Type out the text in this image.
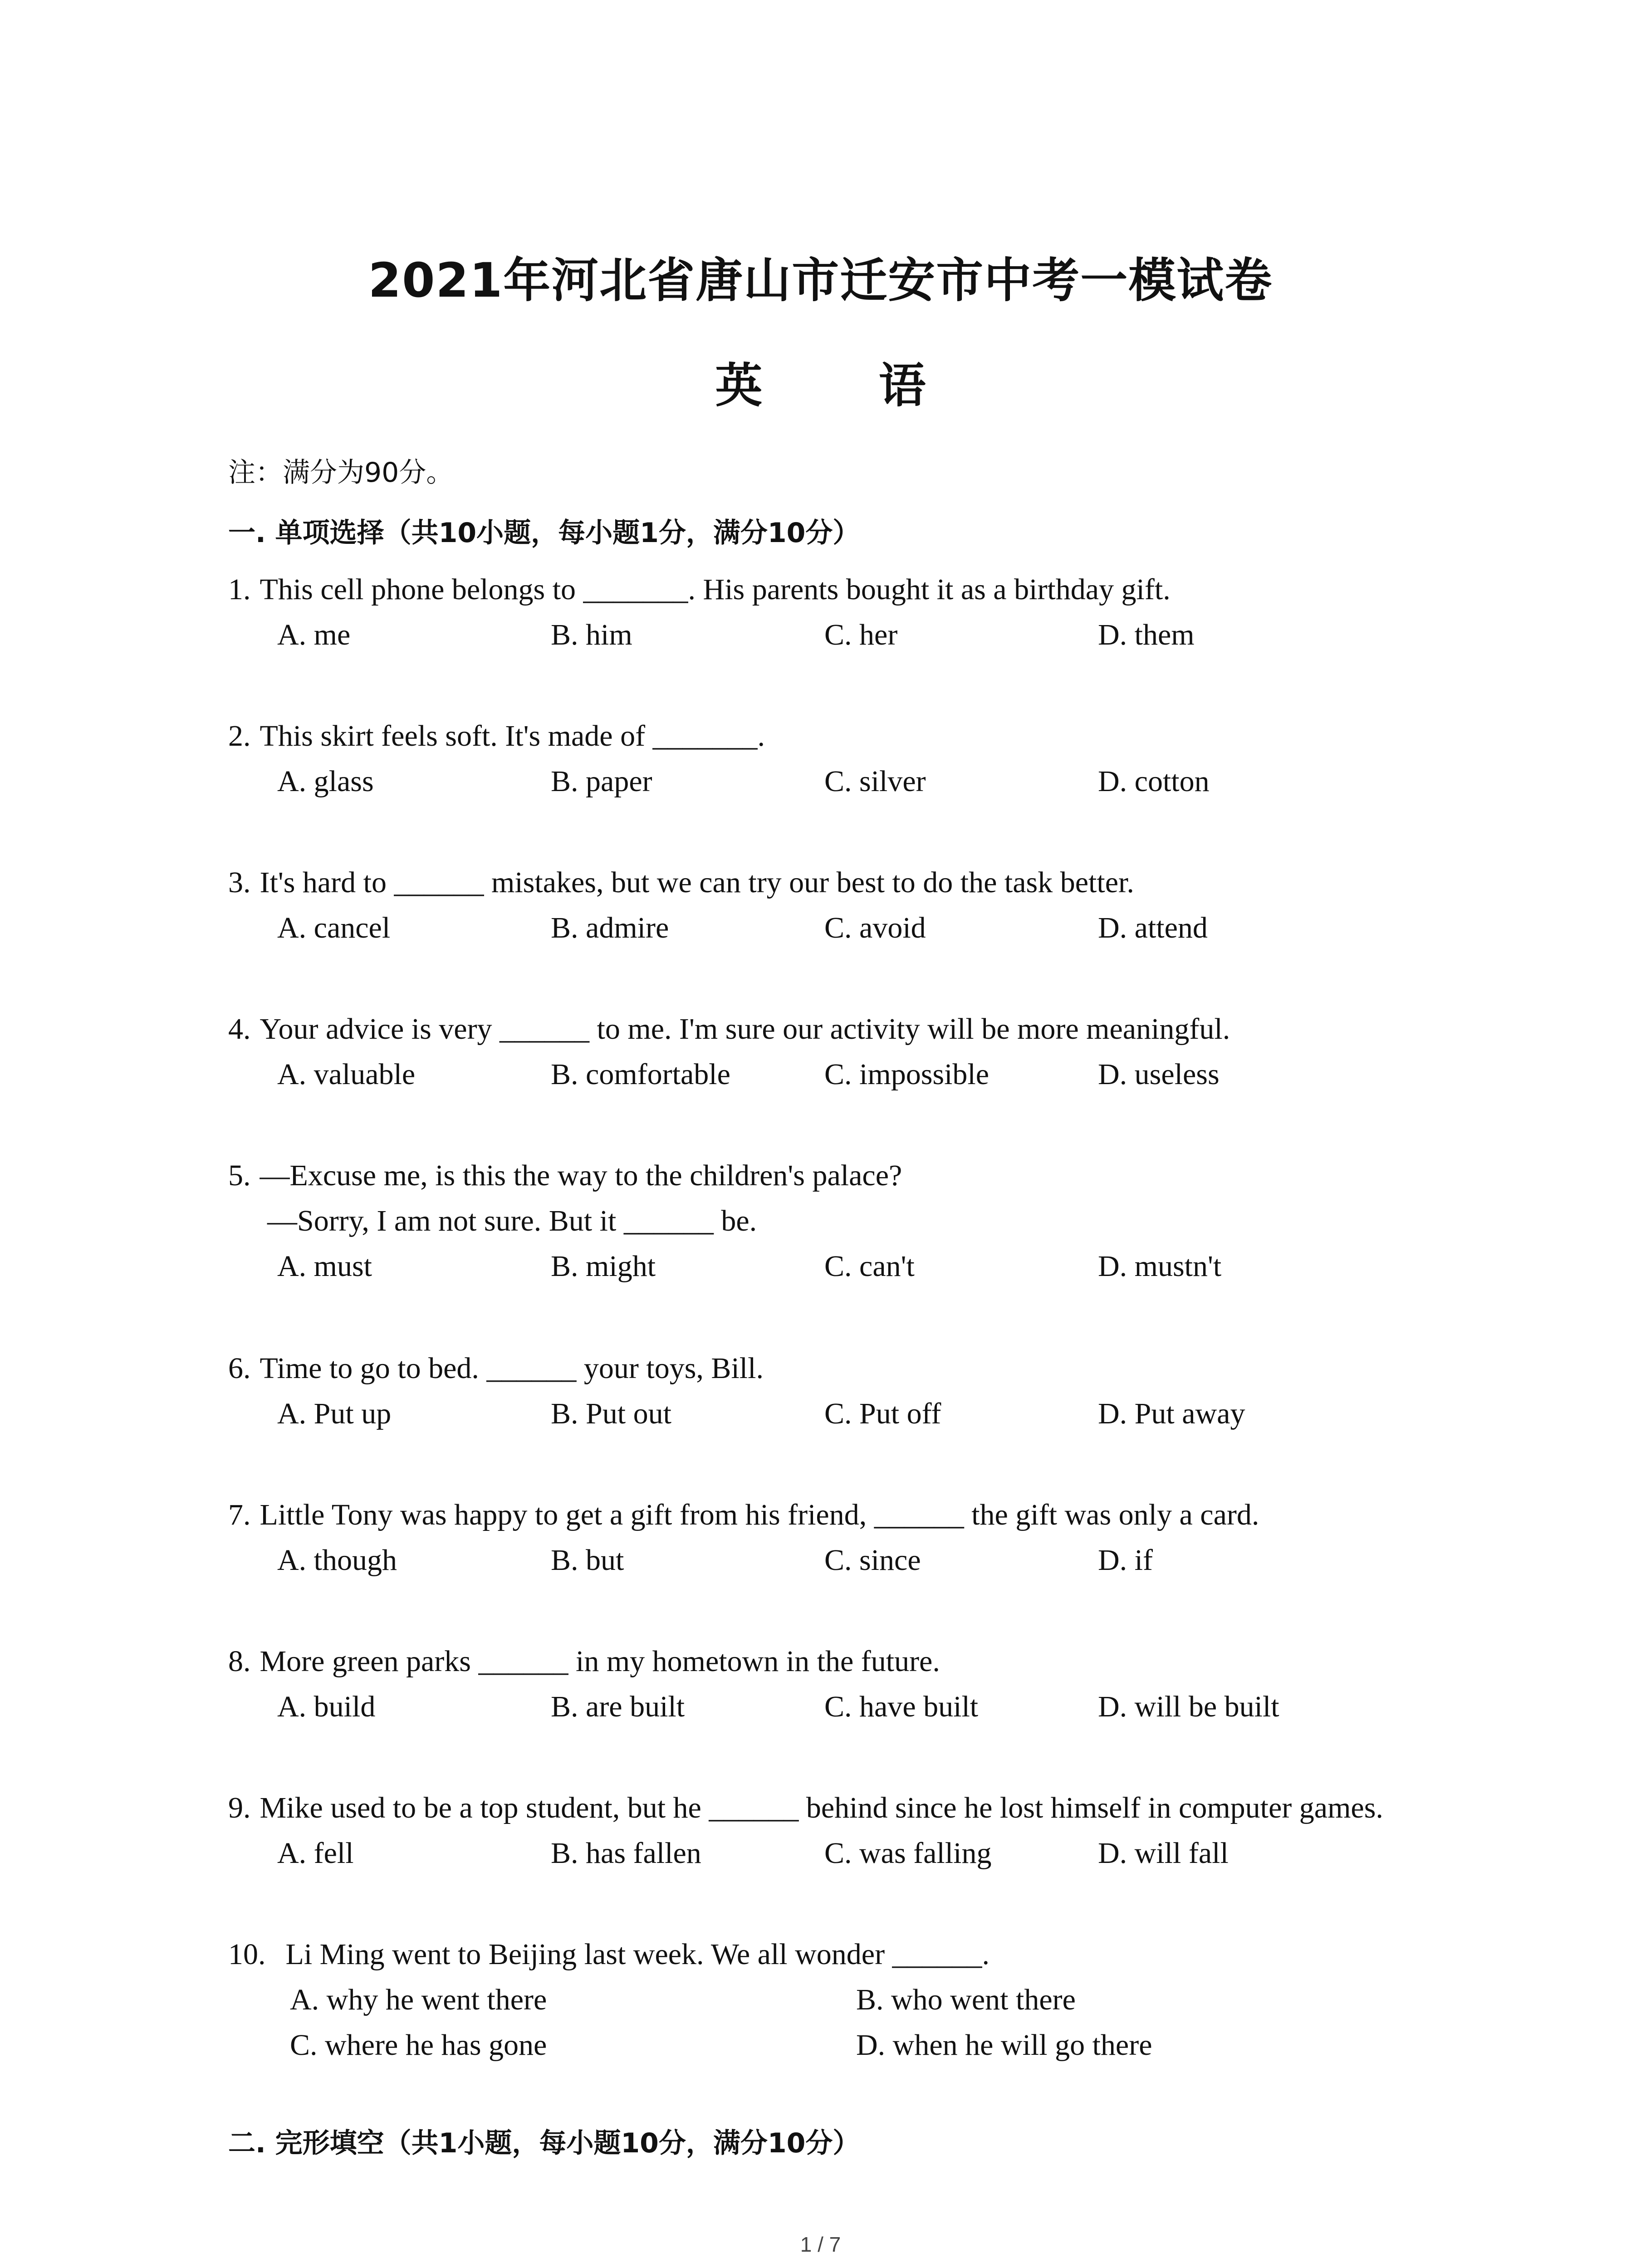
2021年河北省唐山市迁安市中考一模试卷
英 语
注：满分为90分。
一. 单项选择（共10小题，每小题1分，满分10分）
1. This cell phone belongs to _______. His parents bought it as a birthday gift.
A. me	B. him	C. her	D. them
2. This skirt feels soft. It's made of _______.
A. glass	B. paper	C. silver	D. cotton
3. It's hard to ______ mistakes, but we can try our best to do the task better.
A. cancel	B. admire	C. avoid	D. attend
4. Your advice is very ______ to me. I'm sure our activity will be more meaningful.
A. valuable	B. comfortable	C. impossible	D. useless
5. —Excuse me, is this the way to the children's palace?
—Sorry, I am not sure. But it ______ be.
A. must	B. might	C. can't	D. mustn't
6. Time to go to bed. ______ your toys, Bill.
A. Put up	B. Put out	C. Put off	D. Put away
7. Little Tony was happy to get a gift from his friend, ______ the gift was only a card.
A. though	B. but	C. since	D. if
8. More green parks ______ in my hometown in the future.
A. build	B. are built	C. have built	D. will be built
9. Mike used to be a top student, but he ______ behind since he lost himself in computer games.
A. fell	B. has fallen	C. was falling	D. will fall
10. Li Ming went to Beijing last week. We all wonder ______.
A. why he went there	B. who went there
C. where he has gone	D. when he will go there
二. 完形填空（共1小题，每小题10分，满分10分）
1 / 7
